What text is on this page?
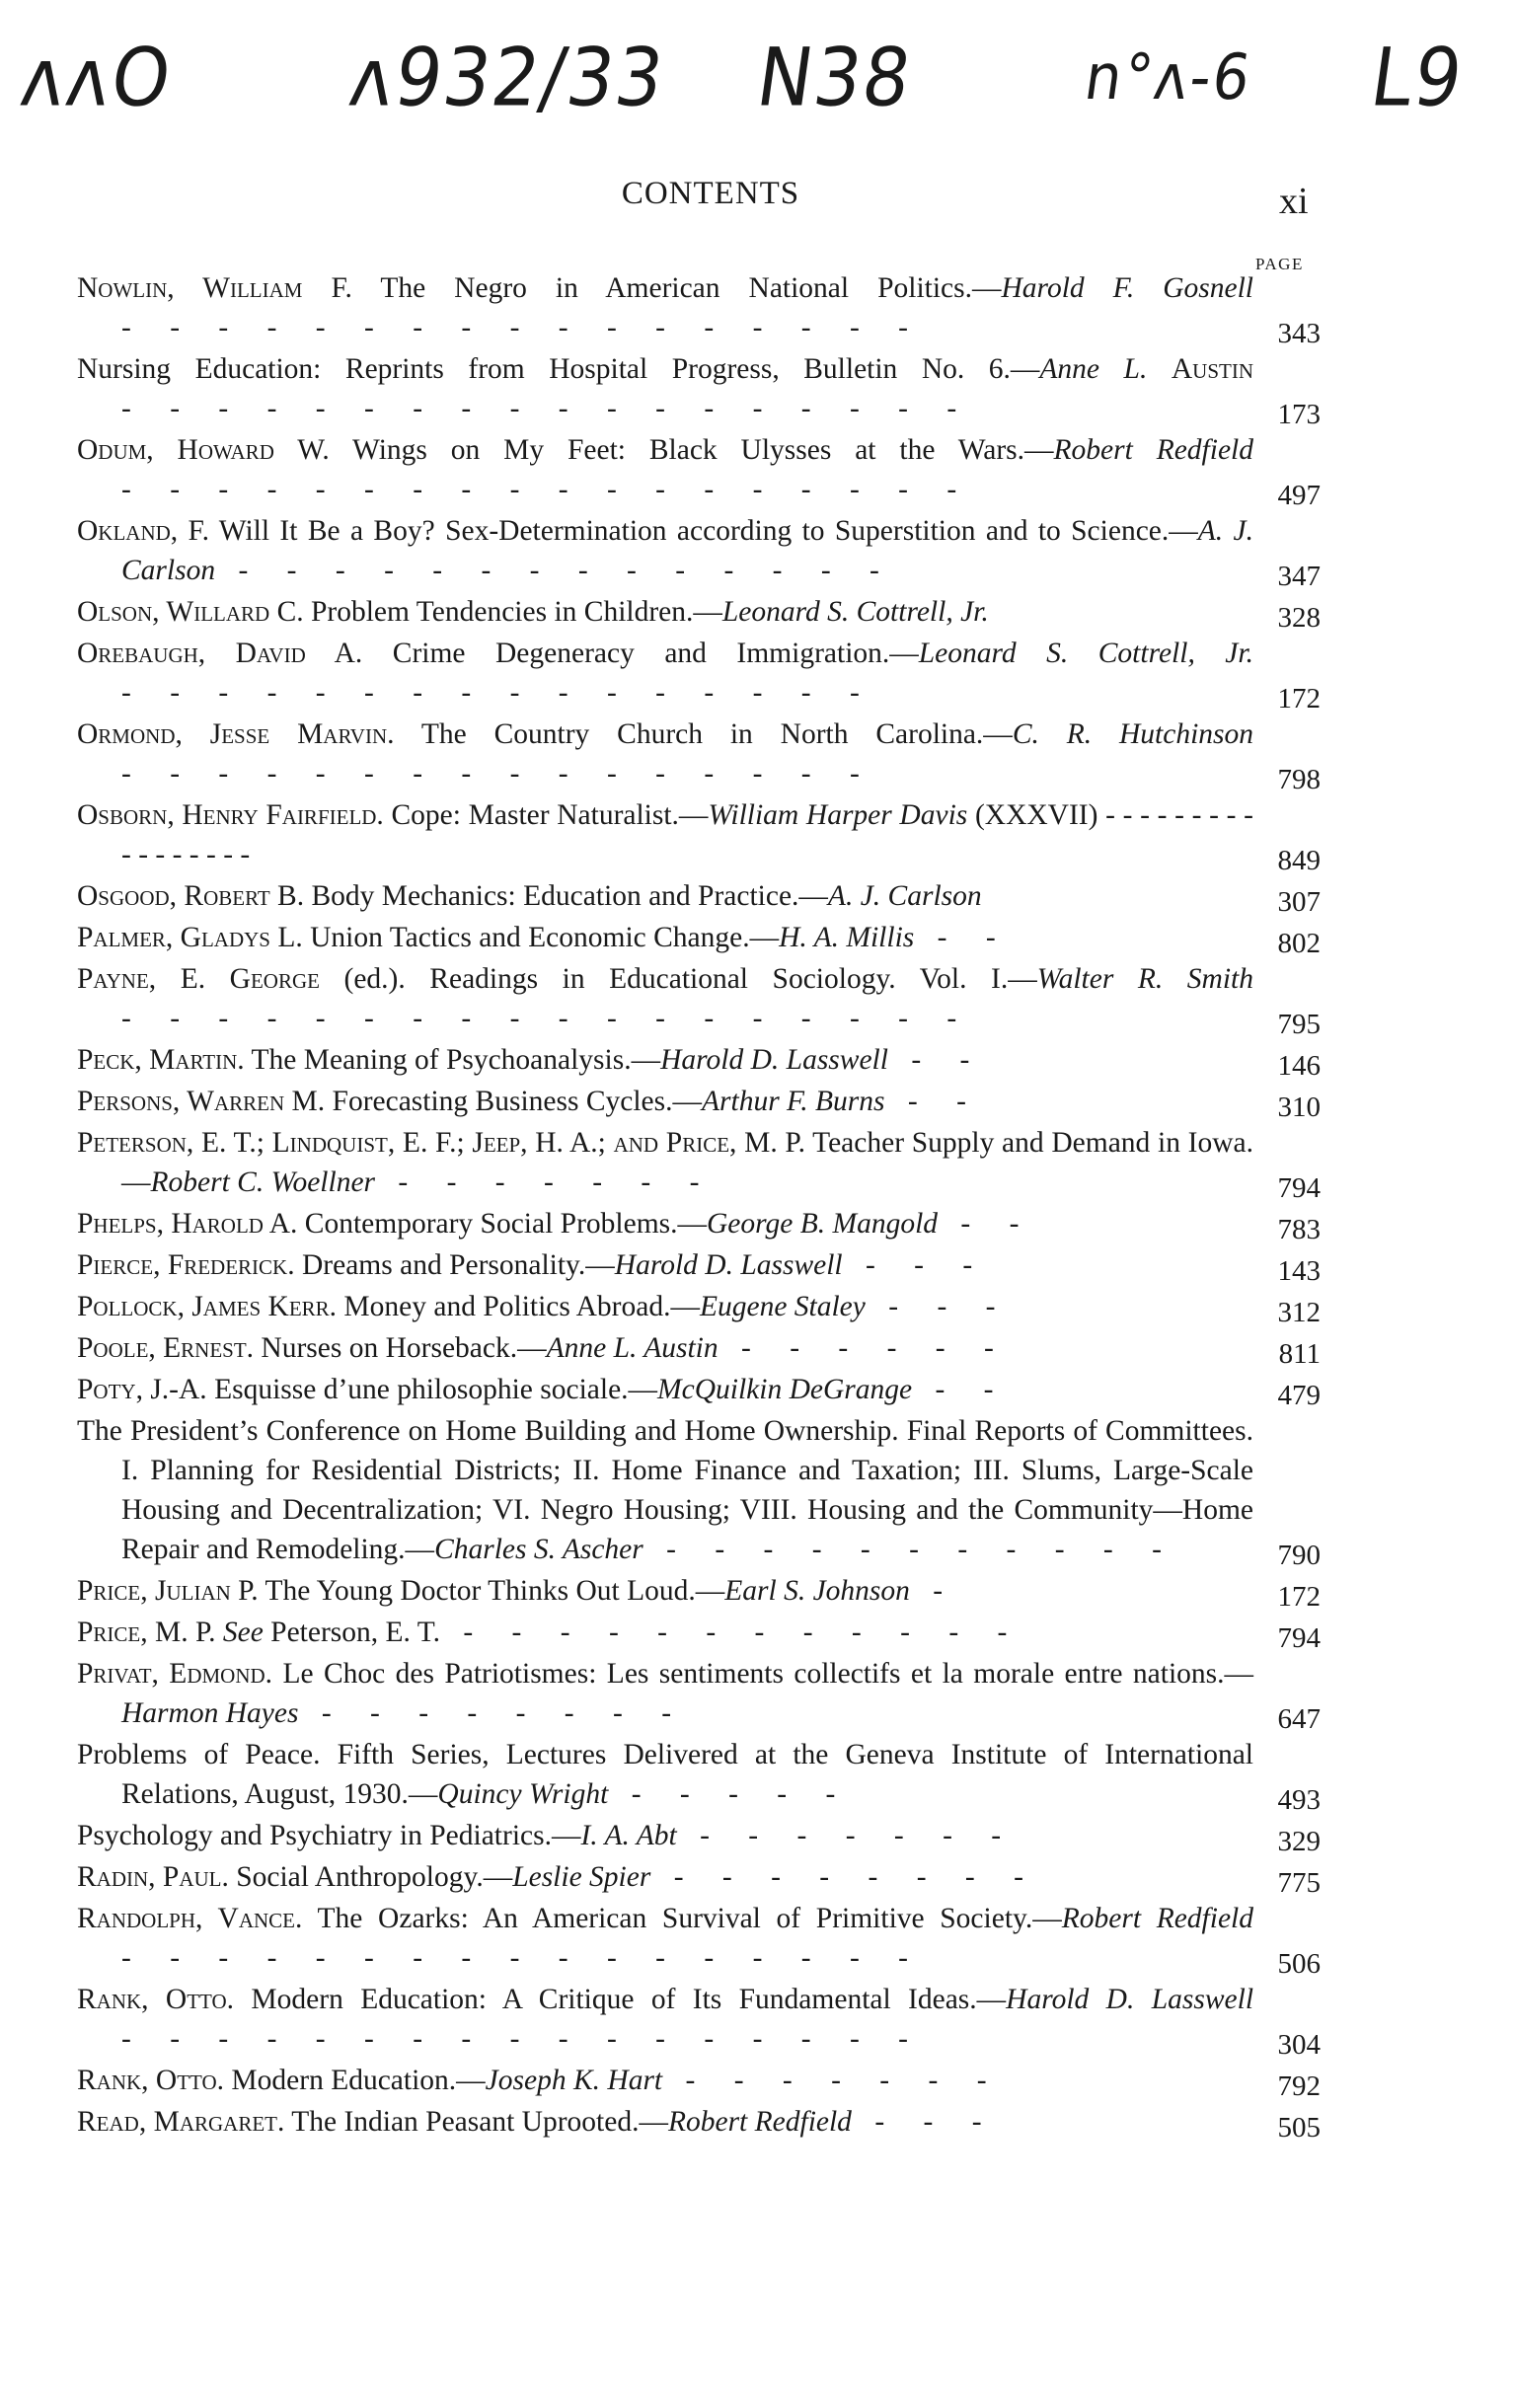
ʌʌO ʌ932/33 N38	n°ʌ-6 L9
CONTENTS	xi
PAGE
Nowlin, William F. The Negro in American National Politics.—Harold F. Gosnell - - - - - - - - - - - - - - - - -	343
Nursing Education: Reprints from Hospital Progress, Bulletin No. 6.—Anne L. Austin - - - - - - - - - - - - - - - - - -	173
Odum, Howard W. Wings on My Feet: Black Ulysses at the Wars.—Robert Redfield - - - - - - - - - - - - - - - - - -	497
Okland, F. Will It Be a Boy? Sex-Determination according to Superstition and to Science.—A. J. Carlson - - - - - - - - - - - - - -	347
Olson, Willard C. Problem Tendencies in Children.—Leonard S. Cottrell, Jr.	328
Orebaugh, David A. Crime Degeneracy and Immigration.—Leonard S. Cottrell, Jr. - - - - - - - - - - - - - - - -	172
Ormond, Jesse Marvin. The Country Church in North Carolina.—C. R. Hutchinson - - - - - - - - - - - - - - - -	798
Osborn, Henry Fairfield. Cope: Master Naturalist.—William Harper Davis (XXXVII) - - - - - - - - - - - - - - - - -	849
Osgood, Robert B. Body Mechanics: Education and Practice.—A. J. Carlson	307
Palmer, Gladys L. Union Tactics and Economic Change.—H. A. Millis - -	802
Payne, E. George (ed.). Readings in Educational Sociology. Vol. I.—Walter R. Smith - - - - - - - - - - - - - - - - - -	795
Peck, Martin. The Meaning of Psychoanalysis.—Harold D. Lasswell - -	146
Persons, Warren M. Forecasting Business Cycles.—Arthur F. Burns - -	310
Peterson, E. T.; Lindquist, E. F.; Jeep, H. A.; and Price, M. P. Teacher Supply and Demand in Iowa.—Robert C. Woellner - - - - - - -	794
Phelps, Harold A. Contemporary Social Problems.—George B. Mangold - -	783
Pierce, Frederick. Dreams and Personality.—Harold D. Lasswell - - -	143
Pollock, James Kerr. Money and Politics Abroad.—Eugene Staley - - -	312
Poole, Ernest. Nurses on Horseback.—Anne L. Austin - - - - - -	811
Poty, J.-A. Esquisse d’une philosophie sociale.—McQuilkin DeGrange - -	479
The President’s Conference on Home Building and Home Ownership. Final Reports of Committees. I. Planning for Residential Districts; II. Home Finance and Taxation; III. Slums, Large-Scale Housing and Decentralization; VI. Negro Housing; VIII. Housing and the Community—Home Repair and Remodeling.—Charles S. Ascher - - - - - - - - - - -	790
Price, Julian P. The Young Doctor Thinks Out Loud.—Earl S. Johnson -	172
Price, M. P. See Peterson, E. T. - - - - - - - - - - - -	794
Privat, Edmond. Le Choc des Patriotismes: Les sentiments collectifs et la morale entre nations.—Harmon Hayes - - - - - - - -	647
Problems of Peace. Fifth Series, Lectures Delivered at the Geneva Institute of International Relations, August, 1930.—Quincy Wright - - - - -	493
Psychology and Psychiatry in Pediatrics.—I. A. Abt - - - - - - -	329
Radin, Paul. Social Anthropology.—Leslie Spier - - - - - - - -	775
Randolph, Vance. The Ozarks: An American Survival of Primitive Society.—Robert Redfield - - - - - - - - - - - - - - - - -	506
Rank, Otto. Modern Education: A Critique of Its Fundamental Ideas.—Harold D. Lasswell - - - - - - - - - - - - - - - - -	304
Rank, Otto. Modern Education.—Joseph K. Hart - - - - - - -	792
Read, Margaret. The Indian Peasant Uprooted.—Robert Redfield - - -	505
